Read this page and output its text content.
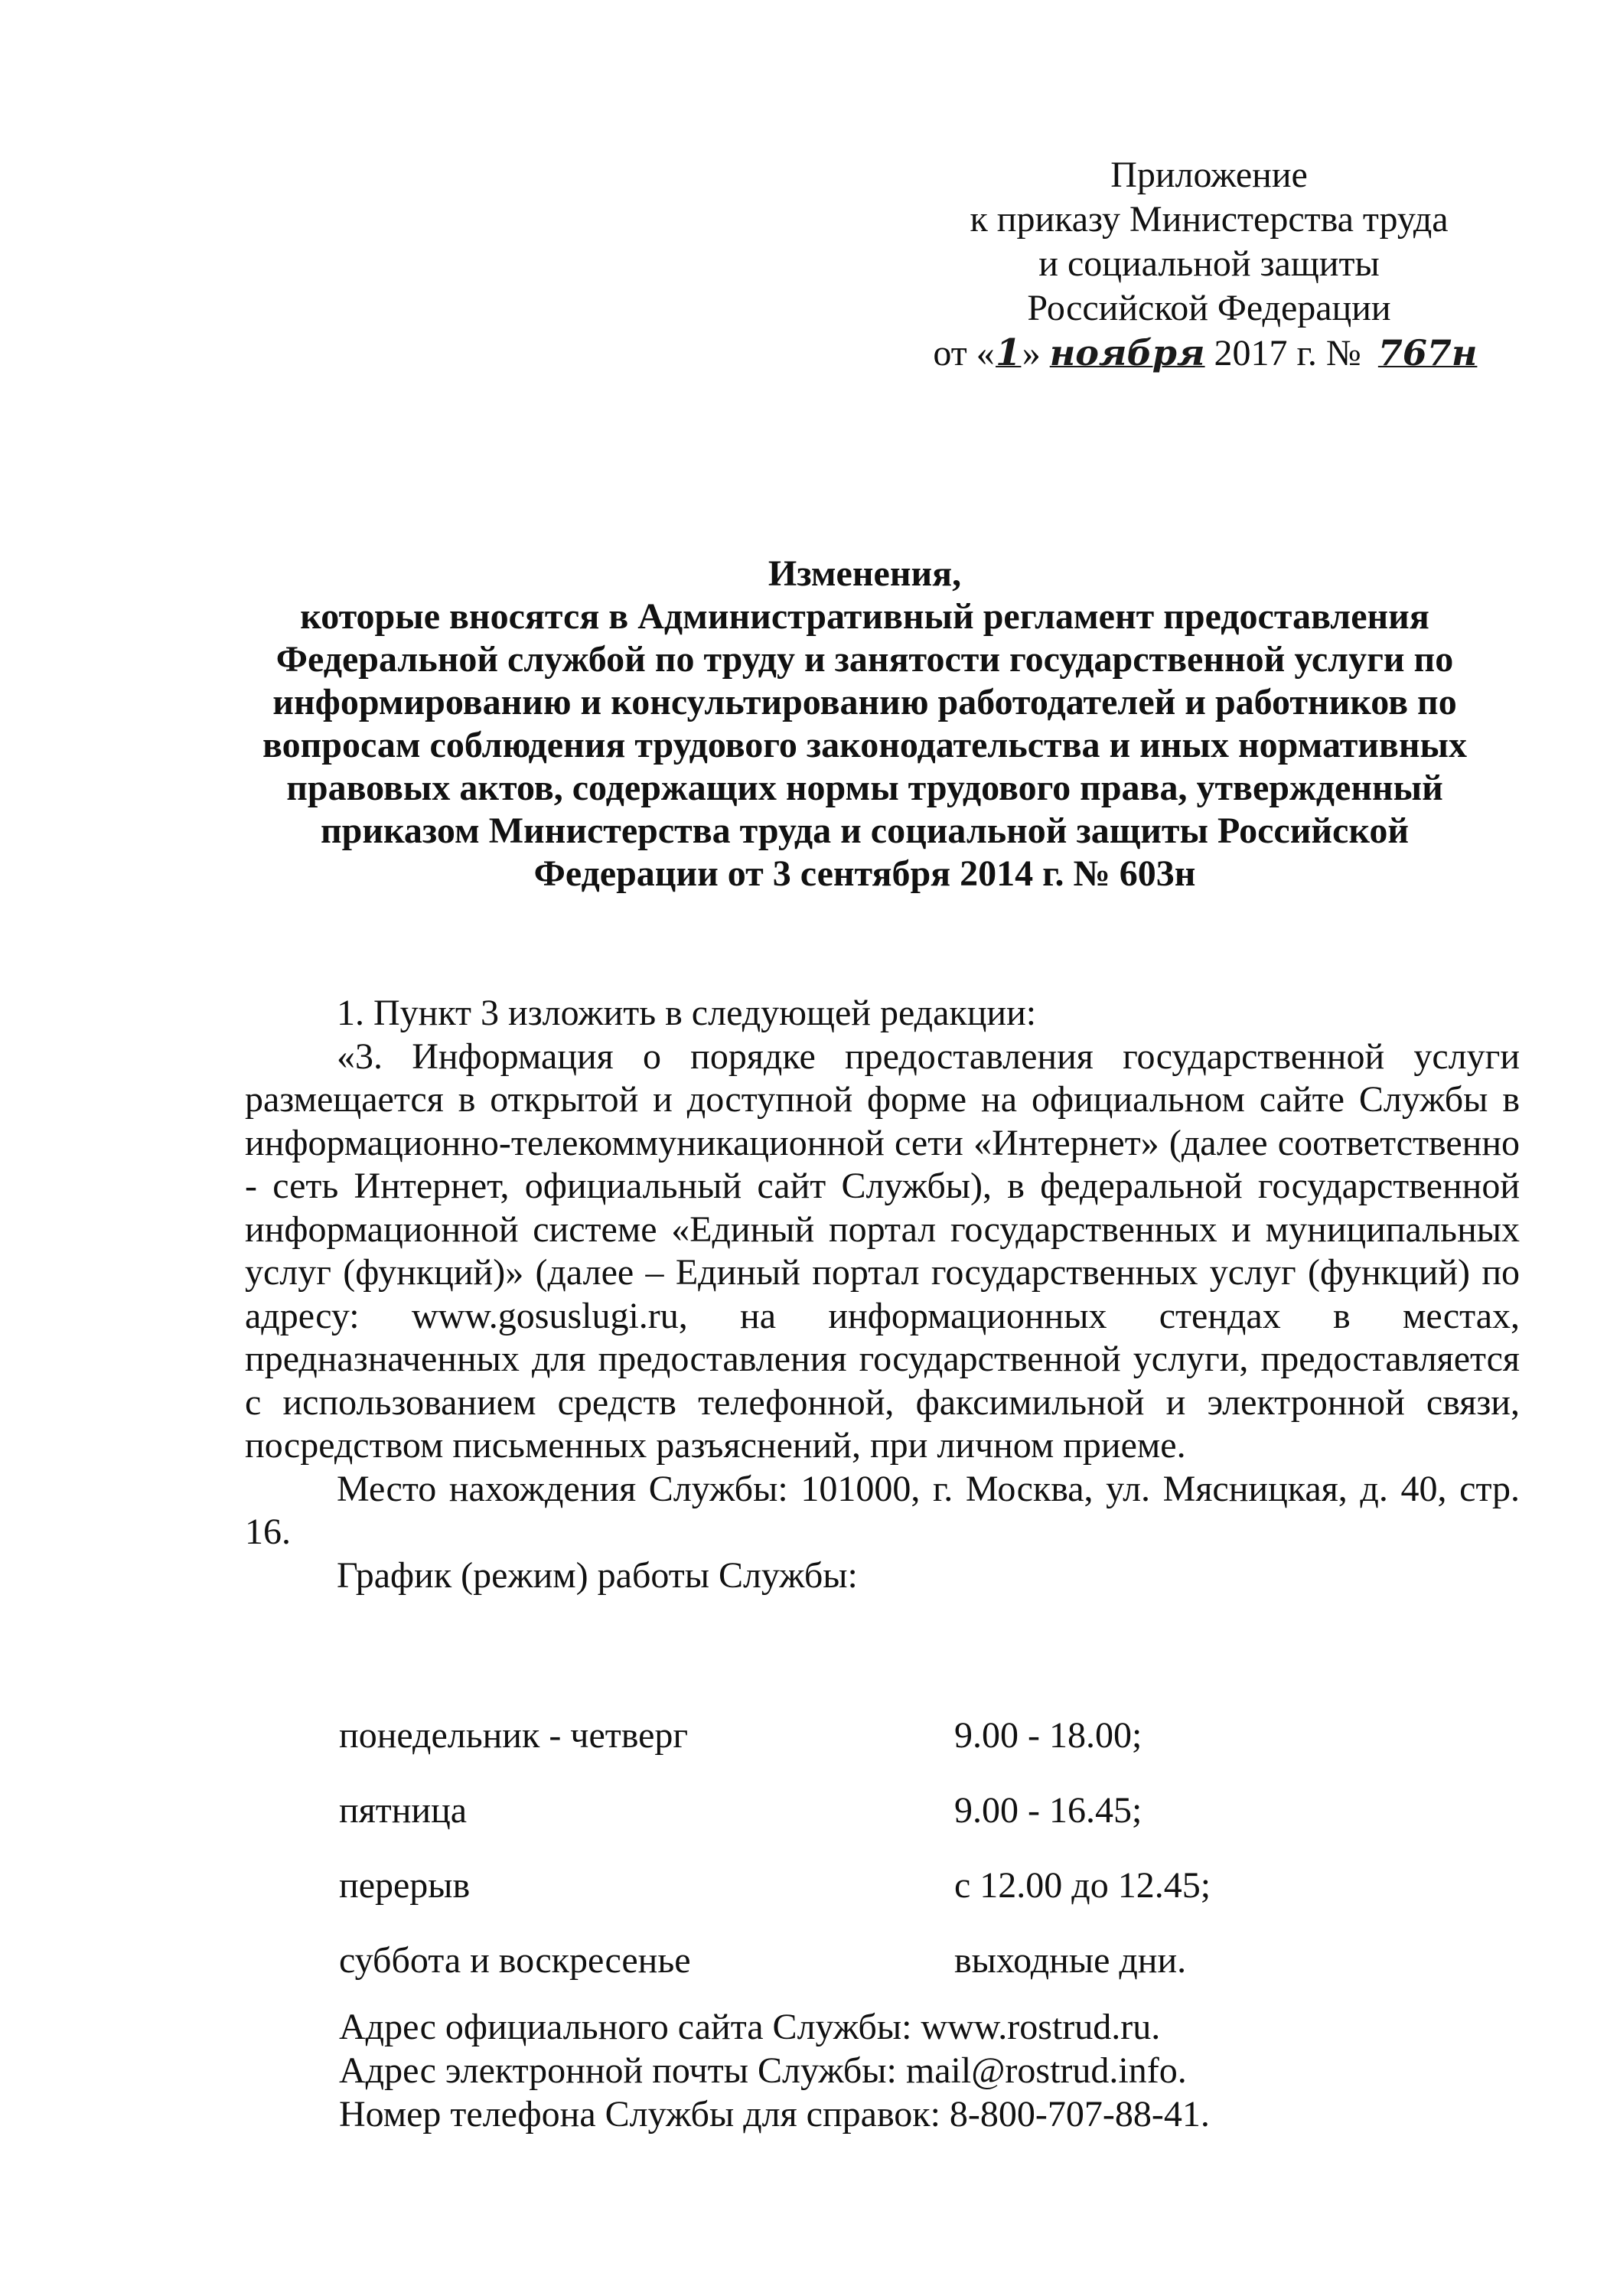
Приложение
к приказу Министерства труда
и социальной защиты
Российской Федерации
от «1» ноября 2017 г. № 767н
Изменения,
которые вносятся в Административный регламент предоставления
Федеральной службой по труду и занятости государственной услуги по
информированию и консультированию работодателей и работников по
вопросам соблюдения трудового законодательства и иных нормативных
правовых актов, содержащих нормы трудового права, утвержденный
приказом Министерства труда и социальной защиты Российской
Федерации от 3 сентября 2014 г. № 603н
1. Пункт 3 изложить в следующей редакции:
«3. Информация о порядке предоставления государственной услуги размещается в открытой и доступной форме на официальном сайте Службы в информационно-телекоммуникационной сети «Интернет» (далее соответственно - сеть Интернет, официальный сайт Службы), в федеральной государственной информационной системе «Единый портал государственных и муниципальных услуг (функций)» (далее – Единый портал государственных услуг (функций) по адресу: www.gosuslugi.ru, на информационных стендах в местах, предназначенных для предоставления государственной услуги, предоставляется с использованием средств телефонной, факсимильной и электронной связи, посредством письменных разъяснений, при личном приеме.
Место нахождения Службы: 101000, г. Москва, ул. Мясницкая, д. 40, стр. 16.
График (режим) работы Службы:
понедельник - четверг	9.00 - 18.00;
пятница	9.00 - 16.45;
перерыв	с 12.00 до 12.45;
суббота и воскресенье	выходные дни.
Адрес официального сайта Службы: www.rostrud.ru.
Адрес электронной почты Службы: mail@rostrud.info.
Номер телефона Службы для справок: 8-800-707-88-41.
